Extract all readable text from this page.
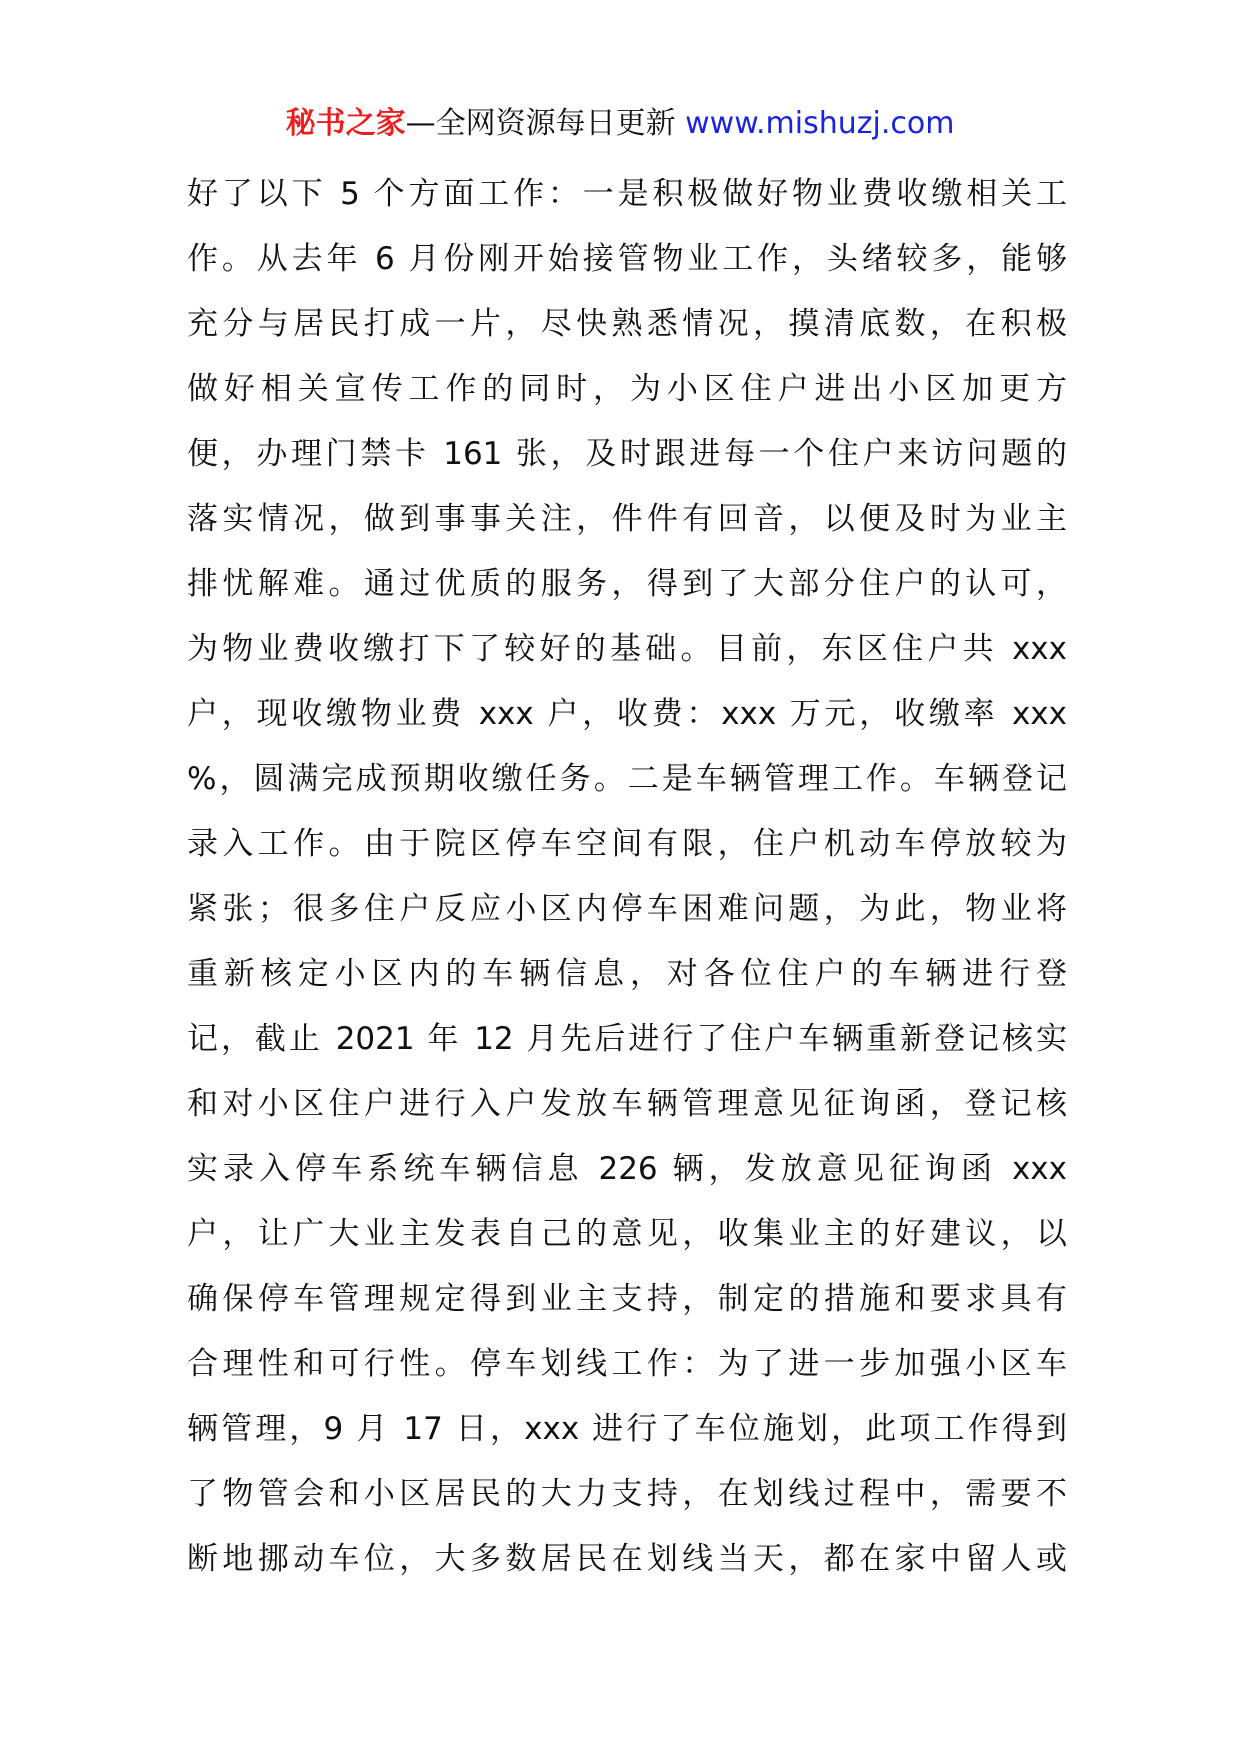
秘书之家—全网资源每日更新 www.mishuzj.com
好了以下 5 个方面工作：一是积极做好物业费收缴相关工
作。从去年 6 月份刚开始接管物业工作，头绪较多，能够
充分与居民打成一片，尽快熟悉情况，摸清底数，在积极
做好相关宣传工作的同时，为小区住户进出小区加更方
便，办理门禁卡 161 张，及时跟进每一个住户来访问题的
落实情况，做到事事关注，件件有回音，以便及时为业主
排忧解难。通过优质的服务，得到了大部分住户的认可，
为物业费收缴打下了较好的基础。目前，东区住户共 xxx
户，现收缴物业费 xxx 户，收费：xxx 万元，收缴率 xxx
%，圆满完成预期收缴任务。二是车辆管理工作。车辆登记
录入工作。由于院区停车空间有限，住户机动车停放较为
紧张；很多住户反应小区内停车困难问题，为此，物业将
重新核定小区内的车辆信息，对各位住户的车辆进行登
记，截止 2021 年 12 月先后进行了住户车辆重新登记核实
和对小区住户进行入户发放车辆管理意见征询函，登记核
实录入停车系统车辆信息 226 辆，发放意见征询函 xxx
户，让广大业主发表自己的意见，收集业主的好建议，以
确保停车管理规定得到业主支持，制定的措施和要求具有
合理性和可行性。停车划线工作：为了进一步加强小区车
辆管理，9 月 17 日，xxx 进行了车位施划，此项工作得到
了物管会和小区居民的大力支持，在划线过程中，需要不
断地挪动车位，大多数居民在划线当天，都在家中留人或
